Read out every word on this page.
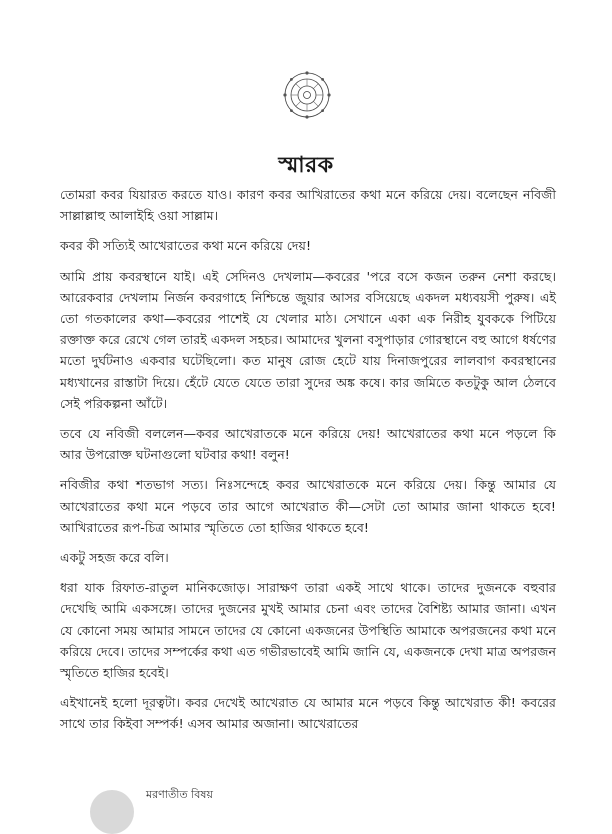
স্মারক

তোমরা কবর যিয়ারত করতে যাও। কারণ কবর আখিরাতের কথা মনে করিয়ে দেয়। বলেছেন নবিজী সাল্লাল্লাহু আলাইহি ওয়া সাল্লাম।

কবর কী সত্যিই আখেরাতের কথা মনে করিয়ে দেয়!

আমি প্রায় কবরস্থানে যাই। এই সেদিনও দেখলাম—কবরের 'পরে বসে কজন তরুন নেশা করছে। আরেকবার দেখলাম নির্জন কবরগাহে নিশ্চিন্তে জুয়ার আসর বসিয়েছে একদল মধ্যবয়সী পুরুষ। এই তো গতকালের কথা—কবরের পাশেই যে খেলার মাঠ। সেখানে একা এক নিরীহ যুবককে পিটিয়ে রক্তাক্ত করে রেখে গেল তারই একদল সহচর। আমাদের খুলনা বসুপাড়ার গোরস্থানে বহু আগে ধর্ষণের মতো দুর্ঘটনাও একবার ঘটেছিলো। কত মানুষ রোজ হেটে যায় দিনাজপুরের লালবাগ কবরস্থানের মধ্যখানের রাস্তাটা দিয়ে। হেঁটে যেতে যেতে তারা সুদের অঙ্ক কষে। কার জমিতে কতটুকু আল ঠেলবে সেই পরিকল্পনা আঁটে।

তবে যে নবিজী বললেন—কবর আখেরাতকে মনে করিয়ে দেয়! আখেরাতের কথা মনে পড়লে কি আর উপরোক্ত ঘটনাগুলো ঘটবার কথা! বলুন!

নবিজীর কথা শতভাগ সত্য। নিঃসন্দেহে কবর আখেরাতকে মনে করিয়ে দেয়। কিন্তু আমার যে আখেরাতের কথা মনে পড়বে তার আগে আখেরাত কী—সেটা তো আমার জানা থাকতে হবে! আখিরাতের রূপ-চিত্র আমার স্মৃতিতে তো হাজির থাকতে হবে!

একটু সহজ করে বলি।

ধরা যাক রিফাত-রাতুল মানিকজোড়। সারাক্ষণ তারা একই সাথে থাকে। তাদের দুজনকে বহুবার দেখেছি আমি একসঙ্গে। তাদের দুজনের মুখই আমার চেনা এবং তাদের বৈশিষ্ট্য আমার জানা। এখন যে কোনো সময় আমার সামনে তাদের যে কোনো একজনের উপস্থিতি আমাকে অপরজনের কথা মনে করিয়ে দেবে। তাদের সম্পর্কের কথা এত গভীরভাবেই আমি জানি যে, একজনকে দেখা মাত্র অপরজন স্মৃতিতে হাজির হবেই।

এইখানেই হলো দূরত্বটা। কবর দেখেই আখেরাত যে আমার মনে পড়বে কিন্তু আখেরাত কী! কবরের সাথে তার কিইবা সম্পর্ক! এসব আমার অজানা। আখেরাতের

মরণাতীত বিষয়
